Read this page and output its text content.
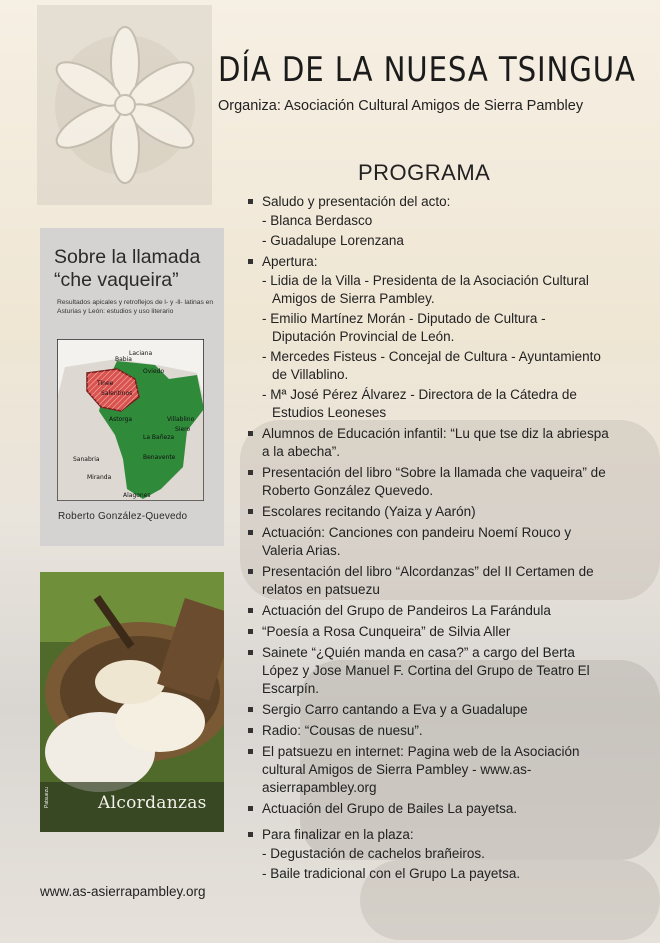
DÍA DE LA NUESA TSINGUA
Organiza: Asociación Cultural Amigos de Sierra Pambley
PROGRAMA
Saludo y presentación del acto:
- Blanca Berdasco
- Guadalupe Lorenzana
Apertura:
- Lidia de la Villa - Presidenta de la Asociación Cultural Amigos de Sierra Pambley.
- Emilio Martínez Morán - Diputado de Cultura - Diputación Provincial de León.
- Mercedes Fisteus - Concejal de Cultura - Ayuntamiento de Villablino.
- Mª José Pérez Álvarez - Directora de la Cátedra de Estudios Leoneses
Alumnos de Educación infantil: “Lu que tse diz la abriespa a la abecha”.
Presentación del libro “Sobre la llamada che vaqueira” de Roberto González Quevedo.
Escolares recitando (Yaiza y Aarón)
Actuación: Canciones con pandeiru Noemí Rouco y Valeria Arias.
Presentación del libro “Alcordanzas” del II Certamen de relatos en patsuezu
Actuación del Grupo de Pandeiros La Farándula
“Poesía a Rosa Cunqueira” de Silvia Aller
Sainete “¿Quién manda en casa?” a cargo del Berta López y Jose Manuel F. Cortina del Grupo de Teatro El Escarpín.
Sergio Carro cantando a Eva y a Guadalupe
Radio: “Cousas de nuesu”.
El patsuezu en internet: Pagina web de la Asociación cultural Amigos de Sierra Pambley - www.as-asierrapambley.org
Actuación del Grupo de Bailes La payetsa.
Para finalizar en la plaza:
- Degustación de cachelos brañeiros.
- Baile tradicional con el Grupo La payetsa.
Sobre la llamada
“che vaqueira”
Resultados apicales y retroflejos de l- y -ll- latinas en Asturias y León: estudios y uso literario
Tinee
Salentinos
Astorga
La Bañeza
Benavente
Sanabria
Miranda
Alagones
Oviedo
Babia
Laciana
Siero
Villablino
Roberto González-Quevedo
Alcordanzas
Patsuezu
www.as-asierrapambley.org
